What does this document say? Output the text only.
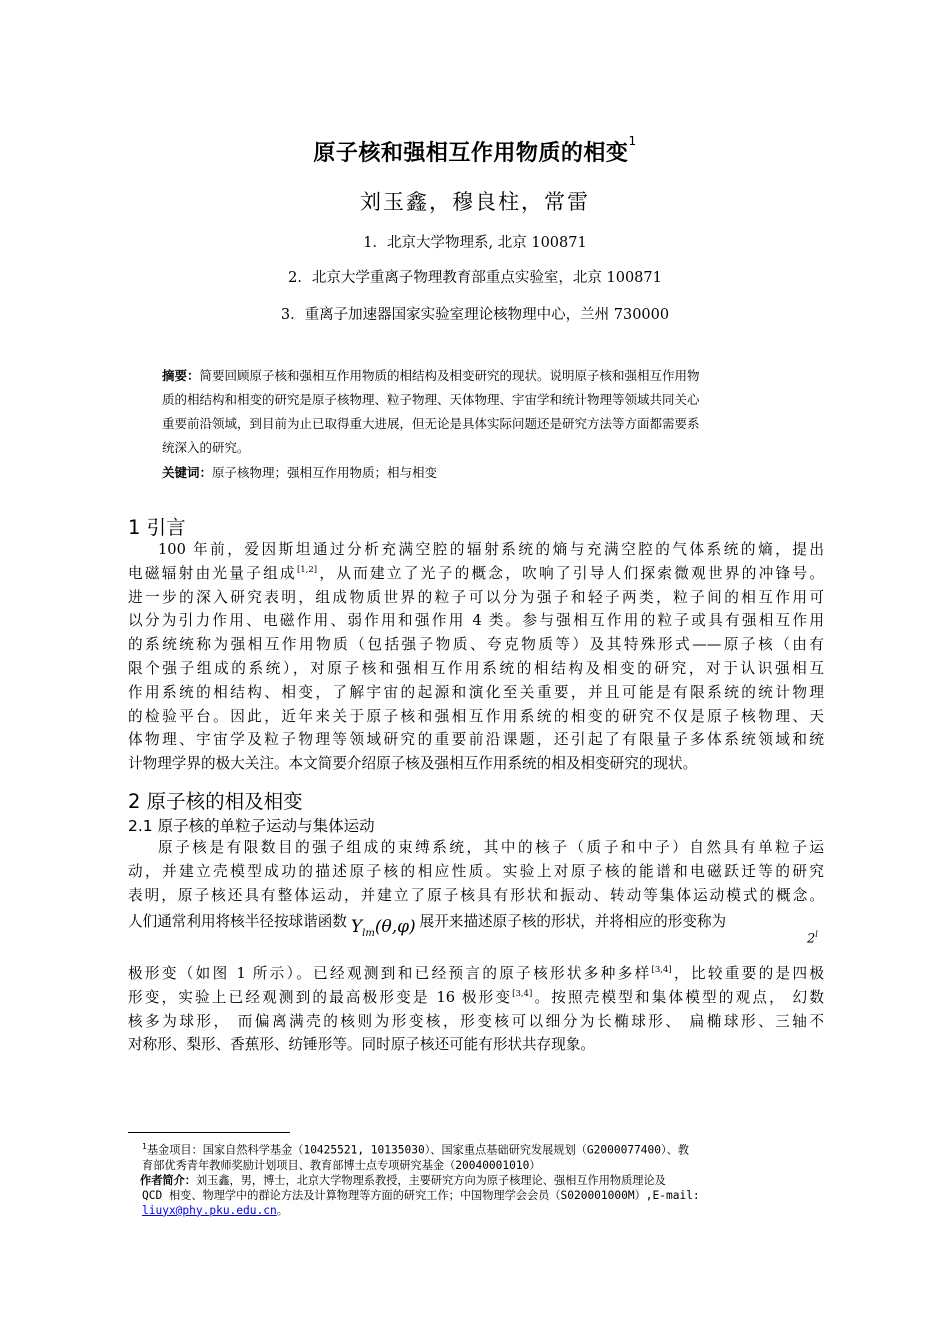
原子核和强相互作用物质的相变$^1$
刘玉鑫，穆良柱，常雷
1．北京大学物理系, 北京 100871
2．北京大学重离子物理教育部重点实验室，北京 100871
3．重离子加速器国家实验室理论核物理中心，兰州 730000
摘要：简要回顾原子核和强相互作用物质的相结构及相变研究的现状。说明原子核和强相互作用物
质的相结构和相变的研究是原子核物理、粒子物理、天体物理、宇宙学和统计物理等领域共同关心
重要前沿领域，到目前为止已取得重大进展，但无论是具体实际问题还是研究方法等方面都需要系
统深入的研究。
关键词：原子核物理；强相互作用物质；相与相变
1 引言
100 年前，爱因斯坦通过分析充满空腔的辐射系统的熵与充满空腔的气体系统的熵，提出
电磁辐射由光量子组成[1,2]，从而建立了光子的概念，吹响了引导人们探索微观世界的冲锋号。
进一步的深入研究表明，组成物质世界的粒子可以分为强子和轻子两类，粒子间的相互作用可
以分为引力作用、电磁作用、弱作用和强作用 4 类。参与强相互作用的粒子或具有强相互作用
的系统统称为强相互作用物质（包括强子物质、夸克物质等）及其特殊形式——原子核（由有
限个强子组成的系统），对原子核和强相互作用系统的相结构及相变的研究，对于认识强相互
作用系统的相结构、相变，了解宇宙的起源和演化至关重要，并且可能是有限系统的统计物理
的检验平台。因此，近年来关于原子核和强相互作用系统的相变的研究不仅是原子核物理、天
体物理、宇宙学及粒子物理等领域研究的重要前沿课题，还引起了有限量子多体系统领域和统
计物理学界的极大关注。本文简要介绍原子核及强相互作用系统的相及相变研究的现状。
2 原子核的相及相变
2.1 原子核的单粒子运动与集体运动
原子核是有限数目的强子组成的束缚系统，其中的核子（质子和中子）自然具有单粒子运
动，并建立壳模型成功的描述原子核的相应性质。实验上对原子核的能谱和电磁跃迁等的研究
表明，原子核还具有整体运动，并建立了原子核具有形状和振动、转动等集体运动模式的概念。
人们通常利用将核半径按球谐函数 $Y_{lm}(\theta,\varphi)$ 展开来描述原子核的形状，并将相应的形变称为
2$^l$
极形变（如图 1 所示）。已经观测到和已经预言的原子核形状多种多样[3,4]，比较重要的是四极
形变，实验上已经观测到的最高极形变是 16 极形变[3,4]。按照壳模型和集体模型的观点， 幻数
核多为球形， 而偏离满壳的核则为形变核，形变核可以细分为长椭球形、 扁椭球形、三轴不
对称形、梨形、香蕉形、纺锤形等。同时原子核还可能有形状共存现象。
$^1$基金项目：国家自然科学基金（10425521, 10135030）、国家重点基础研究发展规划（G2000077400）、教
育部优秀青年教师奖励计划项目、教育部博士点专项研究基金（20040001010）
作者简介：刘玉鑫，男，博士，北京大学物理系教授，主要研究方向为原子核理论、强相互作用物质理论及
QCD 相变、物理学中的群论方法及计算物理等方面的研究工作；中国物理学会会员（S020001000M）,E-mail:
liuyx@phy.pku.edu.cn。
